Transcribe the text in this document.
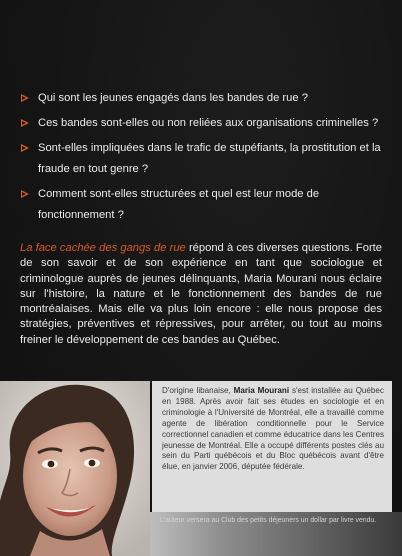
Qui sont les jeunes engagés dans les bandes de rue ?
Ces bandes sont-elles ou non reliées aux organisations criminelles ?
Sont-elles impliquées dans le trafic de stupéfiants, la prostitution et la fraude en tout genre ?
Comment sont-elles structurées et quel est leur mode de fonctionnement ?

La face cachée des gangs de rue répond à ces diverses questions. Forte de son savoir et de son expérience en tant que sociologue et criminologue auprès de jeunes délinquants, Maria Mourani nous éclaire sur l'histoire, la nature et le fonctionnement des bandes de rue montréalaises. Mais elle va plus loin encore : elle nous propose des stratégies, préventives et répressives, pour arrêter, ou tout au moins freiner le développement de ces bandes au Québec.

D'origine libanaise, Maria Mourani s'est installée au Québec en 1988. Après avoir fait ses études en sociologie et en criminologie à l'Université de Montréal, elle a travaillé comme agente de libération conditionnelle pour le Service correctionnel canadien et comme éducatrice dans les Centres jeunesse de Montréal. Elle a occupé différents postes clés au sein du Parti québécois et du Bloc québécois avant d'être élue, en janvier 2006, députée fédérale.
L'auteur versera au Club des petits déjeuners un dollar par livre vendu.
